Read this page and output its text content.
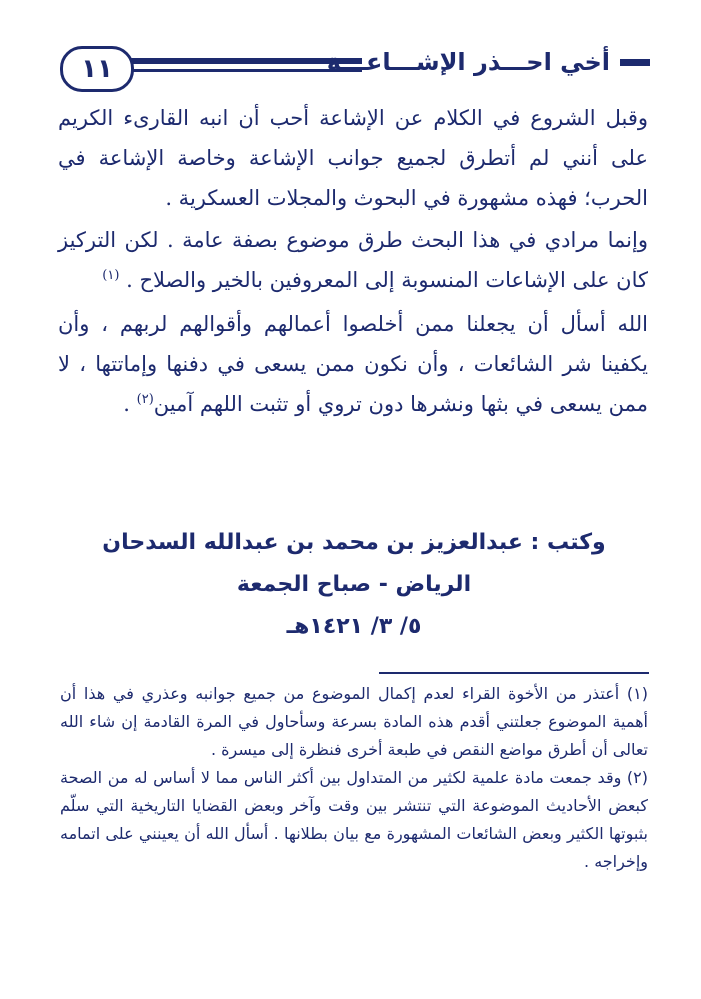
١١	أخي احـــذر الإشـــاعـــة

وقبل الشروع في الكلام عن الإشاعة أحب أن انبه القارىء الكريم على أنني لم أتطرق لجميع جوانب الإشاعة وخاصة الإشاعة في الحرب؛ فهذه مشهورة في البحوث والمجلات العسكرية .

وإنما مرادي في هذا البحث طرق موضوع بصفة عامة . لكن التركيز كان على الإشاعات المنسوبة إلى المعروفين بالخير والصلاح . $^{(١)}$

الله أسأل أن يجعلنا ممن أخلصوا أعمالهم وأقوالهم لربهم ، وأن يكفينا شر الشائعات ، وأن نكون ممن يسعى في دفنها وإماتتها ، لا ممن يسعى في بثها ونشرها دون تروي أو تثبت اللهم آمين$^{(٢)}$ .

وكتب : عبدالعزيز بن محمد بن عبدالله السدحان
الرياض - صباح الجمعة
٥/ ٣/ ١٤٢١هـ

(١) أعتذر من الأخوة القراء لعدم إكمال الموضوع من جميع جوانبه وعذري في هذا أن أهمية الموضوع جعلتني أقدم هذه المادة بسرعة وسأحاول في المرة القادمة إن شاء الله تعالى أن أطرق مواضع النقص في طبعة أخرى فنظرة إلى ميسرة .

(٢) وقد جمعت مادة علمية لكثير من المتداول بين أكثر الناس مما لا أساس له من الصحة كبعض الأحاديث الموضوعة التي تنتشر بين وقت وآخر وبعض القضايا التاريخية التي سلّم بثبوتها الكثير وبعض الشائعات المشهورة مع بيان بطلانها . أسأل الله أن يعينني على اتمامه وإخراجه .
